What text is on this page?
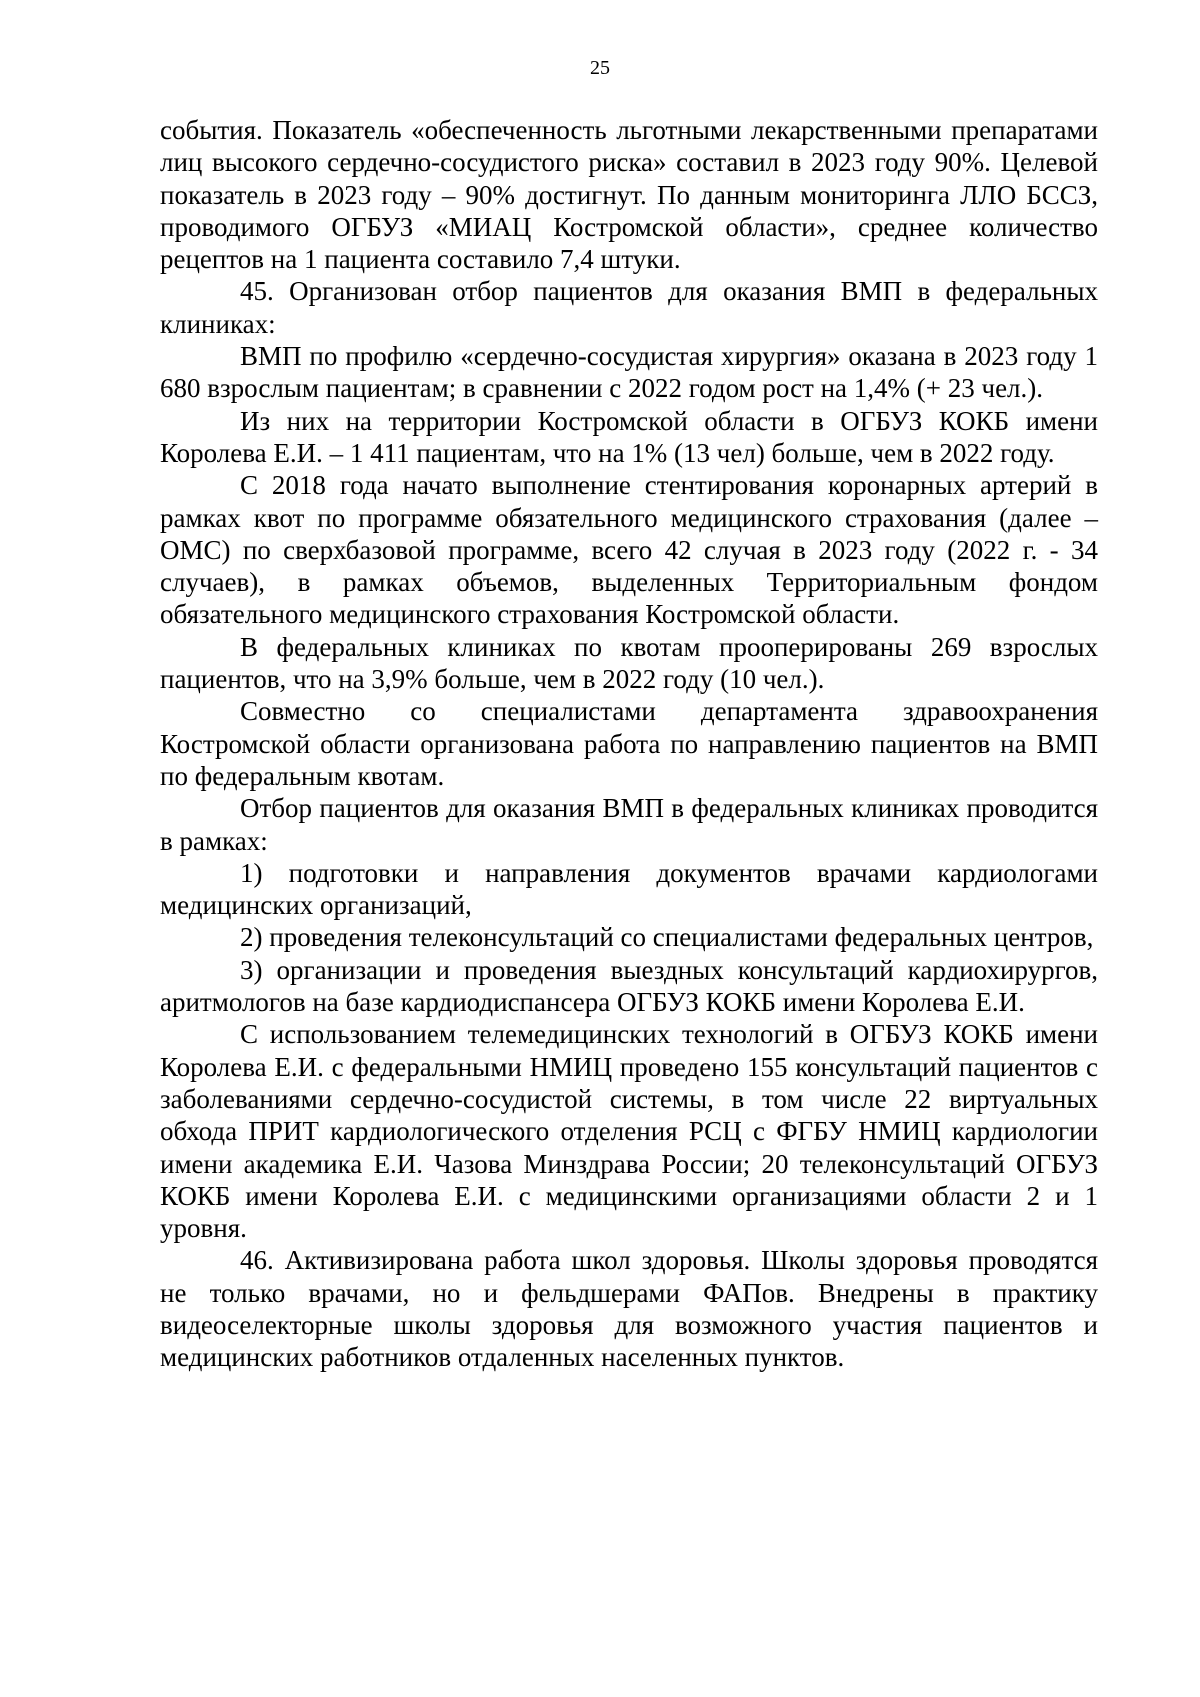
25

события. Показатель «обеспеченность льготными лекарственными препаратами лиц высокого сердечно-сосудистого риска» составил в 2023 году 90%. Целевой показатель в 2023 году – 90% достигнут. По данным мониторинга ЛЛО БССЗ, проводимого ОГБУЗ «МИАЦ Костромской области», среднее количество рецептов на 1 пациента составило 7,4 штуки.

45. Организован отбор пациентов для оказания ВМП в федеральных клиниках:

ВМП по профилю «сердечно-сосудистая хирургия» оказана в 2023 году 1 680 взрослым пациентам; в сравнении с 2022 годом рост на 1,4% (+ 23 чел.).

Из них на территории Костромской области в ОГБУЗ КОКБ имени Королева Е.И. – 1 411 пациентам, что на 1% (13 чел) больше, чем в 2022 году.

С 2018 года начато выполнение стентирования коронарных артерий в рамках квот по программе обязательного медицинского страхования (далее – ОМС) по сверхбазовой программе, всего 42 случая в 2023 году (2022 г. - 34 случаев), в рамках объемов, выделенных Территориальным фондом обязательного медицинского страхования Костромской области.

В федеральных клиниках по квотам прооперированы 269 взрослых пациентов, что на 3,9% больше, чем в 2022 году (10 чел.).

Совместно со специалистами департамента здравоохранения Костромской области организована работа по направлению пациентов на ВМП по федеральным квотам.

Отбор пациентов для оказания ВМП в федеральных клиниках проводится в рамках:

1) подготовки и направления документов врачами кардиологами медицинских организаций,

2) проведения телеконсультаций со специалистами федеральных центров,

3) организации и проведения выездных консультаций кардиохирургов, аритмологов на базе кардиодиспансера ОГБУЗ КОКБ имени Королева Е.И.

С использованием телемедицинских технологий в ОГБУЗ КОКБ имени Королева Е.И. с федеральными НМИЦ проведено 155 консультаций пациентов с заболеваниями сердечно-сосудистой системы, в том числе 22 виртуальных обхода ПРИТ кардиологического отделения РСЦ с ФГБУ НМИЦ кардиологии имени академика Е.И. Чазова Минздрава России; 20 телеконсультаций ОГБУЗ КОКБ имени Королева Е.И. с медицинскими организациями области 2 и 1 уровня.

46. Активизирована работа школ здоровья. Школы здоровья проводятся не только врачами, но и фельдшерами ФАПов. Внедрены в практику видеоселекторные школы здоровья для возможного участия пациентов и медицинских работников отдаленных населенных пунктов.
